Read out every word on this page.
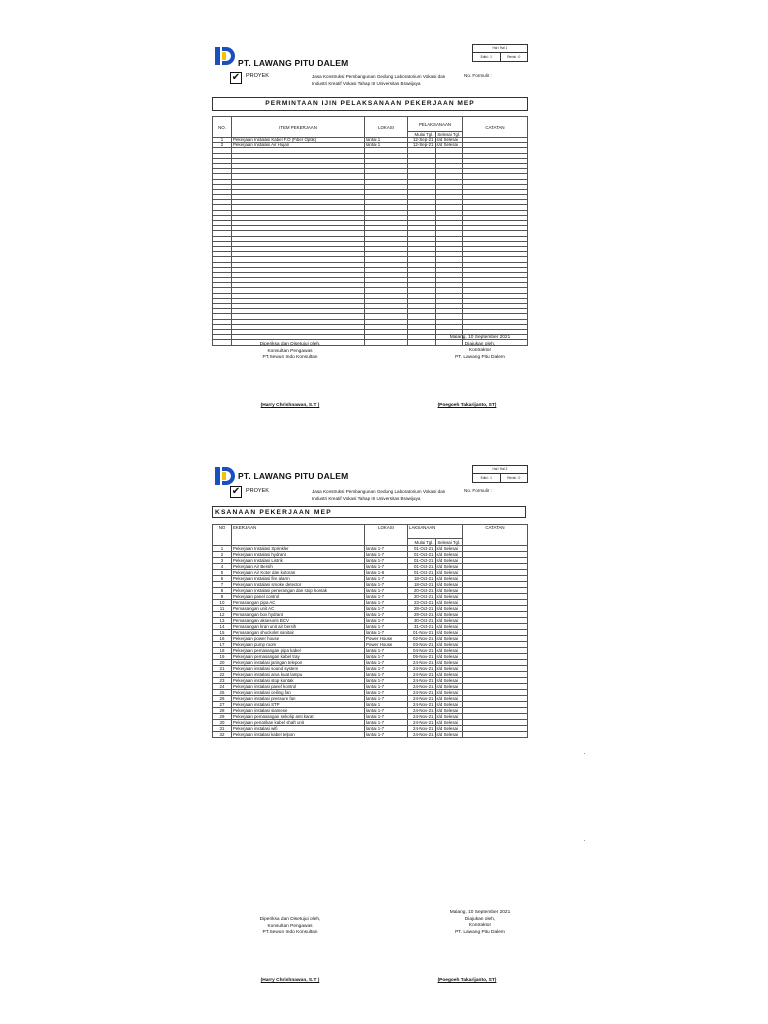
PT. LAWANG PITU DALEM
Hal / Hal 1
Edisi : 1	Revisi : 0
✔	PROYEK	Jasa Konstruksi Pembangunan Gedung Laboratorium Vokasi dan
Industri Kreatif Vokasi Tahap III Universitas Brawijaya
No. Formulir :
PERMINTAAN IJIN PELAKSANAAN PEKERJAAN MEP
NO.	ITEM PEKERJAAN	LOKASI	PELAKSANAAN		CATATAN
			Mulai Tgl.	Selesai Tgl.	
1	Pekerjaan Instalasi Kabel F.O (Fiber Optik)	lantai 1	12-Sep-21	s/d Selesai	
2	Pekerjaan Instalasi Air Hujan	lantai 1	12-Sep-21	s/d Selesai	

Malang, 10 September 2021
Diajukan oleh,
Kontraktor
PT. Lawang Pitu Dalem
Diperiksa dan Disetujui oleh,
Konsultan Pengawas
PT.Sewun Indo Konsultan
(Harry Chrishnawan, S.T )	(Poegoeh Takarijanto, ST)
PT. LAWANG PITU DALEM
Hal / Hal 2
Edisi : 1	Revisi : 0
✔	PROYEK	Jasa Konstruksi Pembangunan Gedung Laboratorium Vokasi dan
Industri Kreatif Vokasi Tahap III Universitas Brawijaya
No. Formulir :
KSANAAN PEKERJAAN MEP
NO	EKERJAAN	LOKASI	LAKSANAAN		CATATAN
			Mulai Tgl.	Selesai Tgl.	
1	Pekerjaan Instalasi Sprinkler	lantai 1-7	01-Oct-21	s/d Selesai	
2	Pekerjaan Instalasi hydrant	lantai 1-7	01-Oct-21	s/d Selesai	
3	Pekerjaan Instalasi Listrik	lantai 1-7	01-Oct-21	s/d Selesai	
4	Pekerjaan Air Bersih	lantai 1-7	01-Oct-21	s/d Selesai	
5	Pekerjaan Air Kotor dan kotoran	lantai 1-8	01-Oct-21	s/d Selesai	
6	Pekerjaan Instalasi fire alarm	lantai 1-7	18-Oct-21	s/d Selesai	
7	Pekerjaan Instalasi smoke detector	lantai 1-7	18-Oct-21	s/d Selesai	
8	Pekerjaan Instalasi penerangan dan stop kontak	lantai 1-7	20-Oct-21	s/d Selesai	
9	Pekerjaan panel control	lantai 1-7	20-Oct-21	s/d Selesai	
10	Pemasangan pipa AC	lantai 1-7	23-Oct-21	s/d Selesai	
11	Pemasangan unit AC	lantai 1-7	28-Oct-21	s/d Selesai	
12	Pemasangan box hydrant	lantai 1-7	29-Oct-21	s/d Selesai	
13	Pemasangan aksesoris BCV	lantai 1-7	30-Oct-21	s/d Selesai	
14	Pemasangan kran unit air bersih	lantai 1-7	31-Oct-21	s/d Selesai	
15	Pemasangan shockolet sanitair	lantai 1-7	01-Nov-21	s/d Selesai	
16	Pekerjaan power house	Power House	02-Nov-21	s/d Selesai	
17	Pekerjaan pump room	Power House	03-Nov-21	s/d Selesai	
18	Pekerjaan pemasangan pipa kabel	lantai 1-7	04-Nov-21	s/d Selesai	
19	Pekerjaan pemasangan kabel tray	lantai 1-7	05-Nov-21	s/d Selesai	
20	Pekerjaan instalasi jaringan telepon	lantai 1-7	24-Nov-21	s/d Selesai	
21	Pekerjaan instalasi sound system	lantai 1-7	24-Nov-21	s/d Selesai	
22	Pekerjaan instalasi arus kuat lampu	lantai 1-7	24-Nov-21	s/d Selesai	
23	Pekerjaan instalasi stop kontak	lantai 1-7	24-Nov-21	s/d Selesai	
24	Pekerjaan instalasi panel kontrol	lantai 1-7	24-Nov-21	s/d Selesai	
25	Pekerjaan instalasi ceiling fan	lantai 1-7	24-Nov-21	s/d Selesai	
26	Pekerjaan instalasi pressure fan	lantai 1-7	24-Nov-21	s/d Selesai	
27	Pekerjaan instalasi STP	lantai 1	24-Nov-21	s/d Selesai	
28	Pekerjaan instalasi siamese	lantai 1-7	24-Nov-21	s/d Selesai	
29	Pekerjaan pemasangan sekolip anti karat	lantai 1-7	24-Nov-21	s/d Selesai	
30	Pekerjaan penarikan kabel shaft unit	lantai 1-7	24-Nov-21	s/d Selesai	
31	Pekerjaan instalasi wifi	lantai 1-7	24-Nov-21	s/d Selesai	
32	Pekerjaan instalasi kabel telpon	lantai 1-7	24-Nov-21	s/d Selesai	
Malang, 10 September 2021
Diajukan oleh,
Kontraktor
PT. Lawang Pitu Dalem
Diperiksa dan Disetujui oleh,
Konsultan Pengawas
PT.Sewun Indo Konsultan
(Harry Chrishnawan, S.T )	(Poegoeh Takarijanto, ST)
